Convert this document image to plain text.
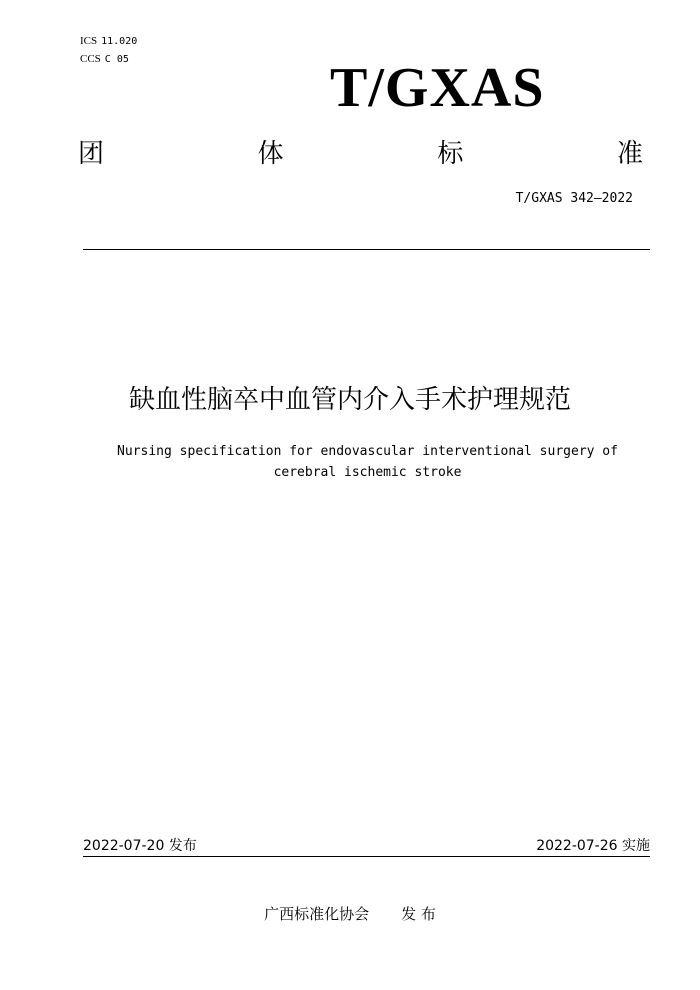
ICS 11.020
CCS C 05	T/GXAS
团	体	标	准
T/GXAS 342—2022
缺血性脑卒中血管内介入手术护理规范
Nursing specification for endovascular interventional surgery of
cerebral ischemic stroke
2022-07-20 发布	2022-07-26 实施
广西标准化协会 发 布
